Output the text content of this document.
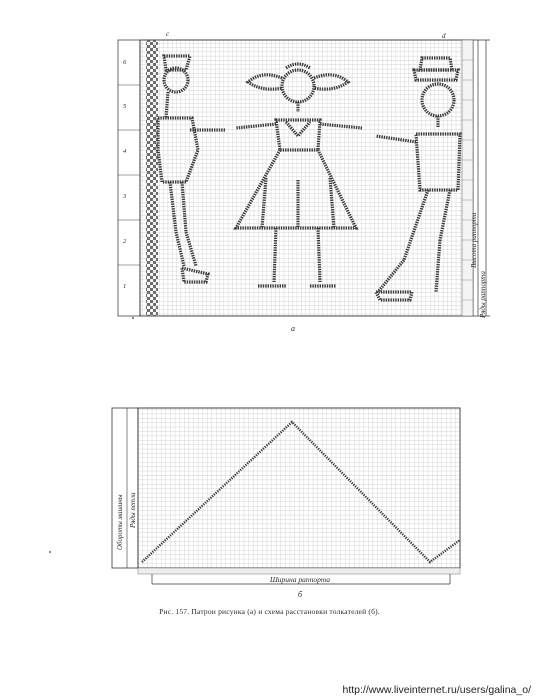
6
5
4
3
2
1
c	d
Высота раппорта
Ряды раппорта
а
Обороты машины Ряды петли
Ширина раппорта
б
Рис. 157. Патрон рисунка (а) и схема расстановки толкателей (б).
http://www.liveinternet.ru/users/galina_o/
